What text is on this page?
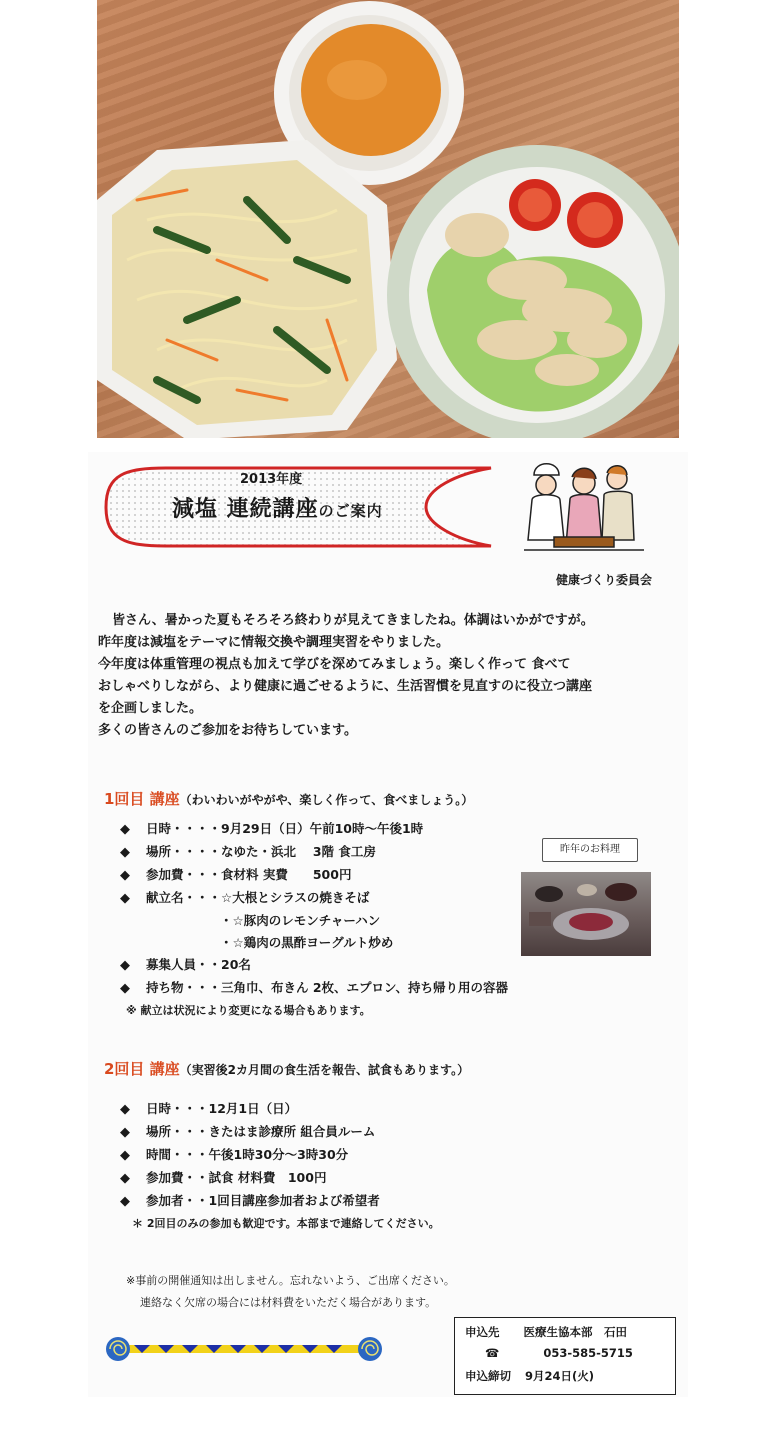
2013年度
減塩 連続講座のご案内
健康づくり委員会

皆さん、暑かった夏もそろそろ終わりが見えてきましたね。体調はいかがですが。

昨年度は減塩をテーマに情報交換や調理実習をやりました。

今年度は体重管理の視点も加えて学びを深めてみましょう。楽しく作って 食べて

おしゃべりしながら、より健康に過ごせるように、生活習慣を見直すのに役立つ講座

を企画しました。

多くの皆さんのご参加をお待ちしています。

1回目 講座（わいわいがやがや、楽しく作って、食べましょう。）
◆ 日時・・・・9月29日（日）午前10時～午後1時
◆ 場所・・・・なゆた・浜北　 3階 食工房
◆ 参加費・・・食材料 実費　　500円
◆ 献立名・・・☆大根とシラスの焼きそば
・☆豚肉のレモンチャーハン
・☆鶏肉の黒酢ヨーグルト炒め
◆ 募集人員・・20名
◆ 持ち物・・・三角巾、布きん 2枚、エプロン、持ち帰り用の容器
※ 献立は状況により変更になる場合もあります。
昨年のお料理
2回目 講座（実習後2カ月間の食生活を報告、試食もあります。）
◆ 日時・・・12月1日（日）
◆ 場所・・・きたはま診療所 組合員ルーム
◆ 時間・・・午後1時30分～3時30分
◆ 参加費・・試食 材料費　100円
◆ 参加者・・1回目講座参加者および希望者
＊ 2回目のみの参加も歓迎です。本部まで連絡してください。
※事前の開催通知は出しません。忘れないよう、ご出席ください。
連絡なく欠席の場合には材料費をいただく場合があります。
申込先 医療生協本部　石田
☎	053-585-5715
申込締切 9月24日(火)
